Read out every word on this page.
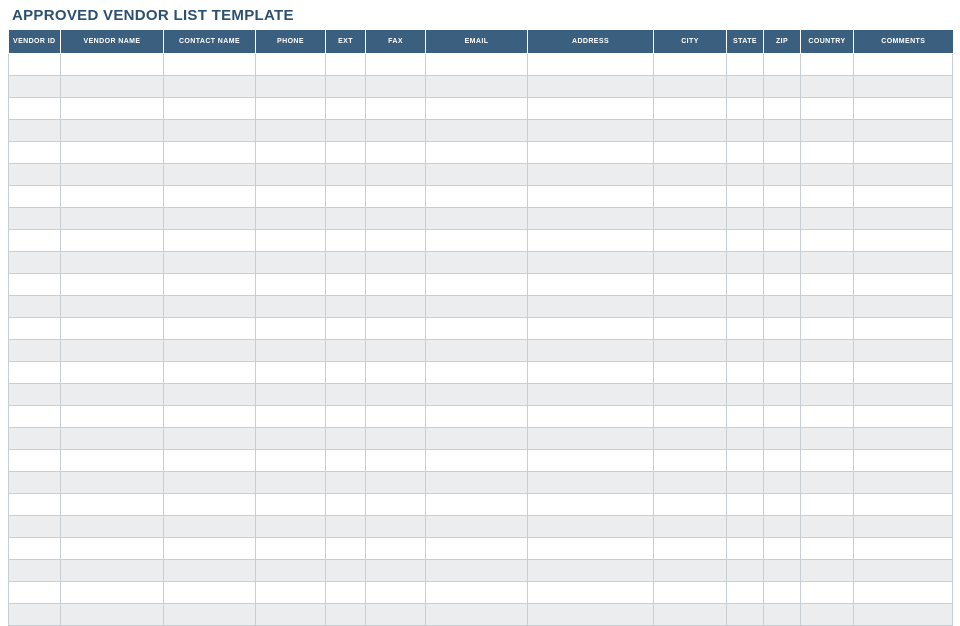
APPROVED VENDOR LIST TEMPLATE
VENDOR ID	VENDOR NAME	CONTACT NAME	PHONE	EXT	FAX	EMAIL	ADDRESS	CITY	STATE	ZIP	COUNTRY	COMMENTS
